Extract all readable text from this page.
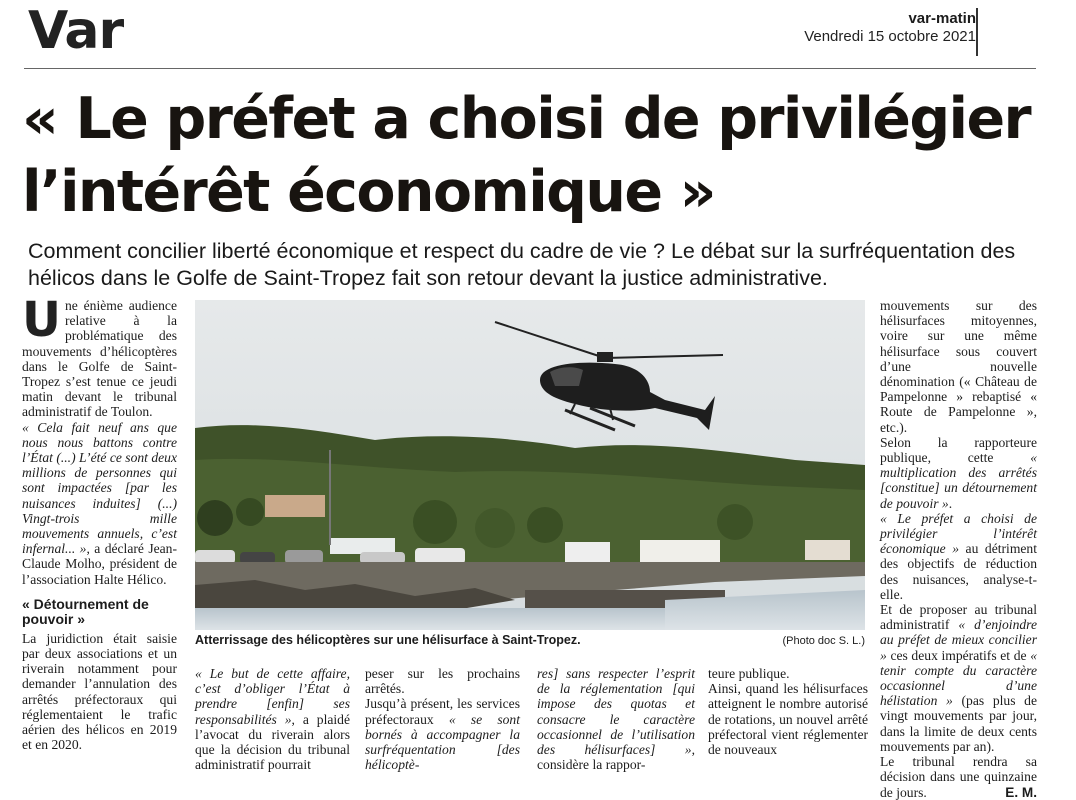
Var	var-matin
Vendredi 15 octobre 2021
« Le préfet a choisi de privilégier l’intérêt économique »
Comment concilier liberté économique et respect du cadre de vie ? Le débat sur la surfréquentation des hélicos dans le Golfe de Saint-Tropez fait son retour devant la justice administrative.
Une énième audience relative à la problématique des mouvements d’hélicoptères dans le Golfe de Saint-Tropez s’est tenue ce jeudi matin devant le tribunal administratif de Toulon.

« Cela fait neuf ans que nous nous battons contre l’État (...) L’été ce sont deux millions de personnes qui sont impactées [par les nuisances induites] (...) Vingt-trois mille mouvements annuels, c’est infernal... », a déclaré Jean-Claude Molho, président de l’association Halte Hélico.

« Détournement de pouvoir »

La juridiction était saisie par deux associations et un riverain notamment pour demander l’annulation des arrêtés préfectoraux qui réglementaient le trafic aérien des hélicos en 2019 et en 2020.

Atterrissage des hélicoptères sur une hélisurface à Saint-Tropez.	(Photo doc S. L.)

« Le but de cette affaire, c’est d’obliger l’État à prendre [enfin] ses responsabilités », a plaidé l’avocat du riverain alors que la décision du tribunal administratif pourrait

peser sur les prochains arrêtés.

Jusqu’à présent, les services préfectoraux « se sont bornés à accompagner la surfréquentation [des hélicoptè-

res] sans respecter l’esprit de la réglementation [qui impose des quotas et consacre le caractère occasionnel de l’utilisation des hélisurfaces] », considère la rappor-

teure publique.

Ainsi, quand les hélisurfaces atteignent le nombre autorisé de rotations, un nouvel arrêté préfectoral vient réglementer de nouveaux

mouvements sur des hélisurfaces mitoyennes, voire sur une même hélisurface sous couvert d’une nouvelle dénomination (« Château de Pampelonne » rebaptisé « Route de Pampelonne », etc.).

Selon la rapporteure publique, cette	« multiplication des arrêtés [constitue] un détournement de pouvoir ».

« Le préfet a choisi de privilégier l’intérêt économique » au détriment des objectifs de réduction des nuisances, analyse-t-elle.

Et de proposer au tribunal administratif « d’enjoindre au préfet de mieux concilier » ces deux impératifs et de « tenir compte du caractère occasionnel d’une hélistation » (pas plus de vingt mouvements par jour, dans la limite de deux cents mouvements par an).

Le tribunal rendra sa décision dans une quinzaine de jours.	E. M.
